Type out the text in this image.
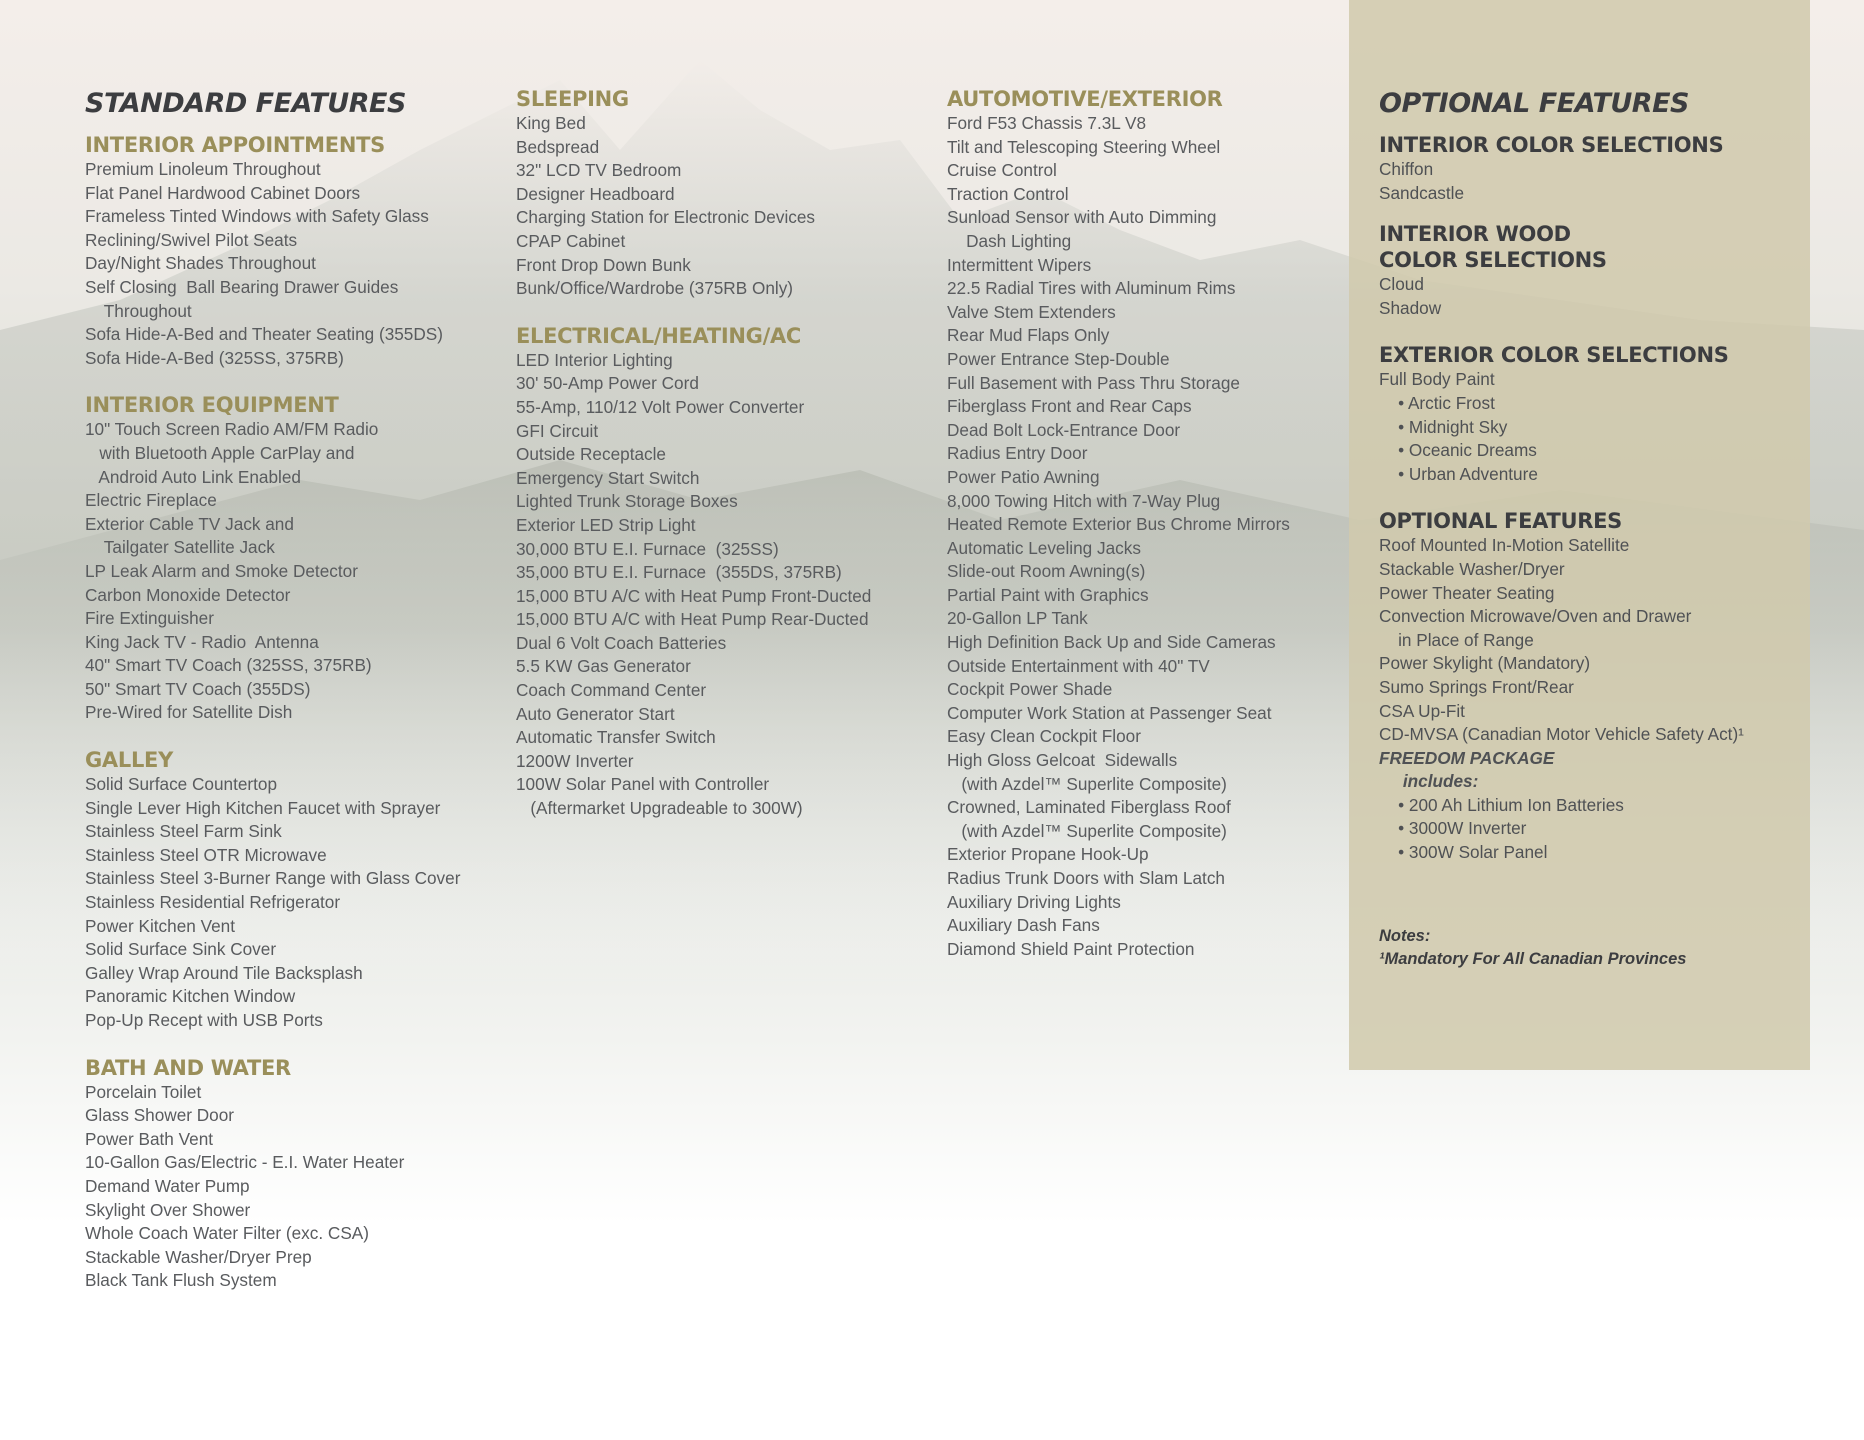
STANDARD FEATURES
INTERIOR APPOINTMENTS
Premium Linoleum Throughout
Flat Panel Hardwood Cabinet Doors
Frameless Tinted Windows with Safety Glass
Reclining/Swivel Pilot Seats
Day/Night Shades Throughout
Self Closing  Ball Bearing Drawer Guides
Throughout
Sofa Hide-A-Bed and Theater Seating (355DS)
Sofa Hide-A-Bed (325SS, 375RB)
INTERIOR EQUIPMENT
10" Touch Screen Radio AM/FM Radio
with Bluetooth Apple CarPlay and
Android Auto Link Enabled
Electric Fireplace
Exterior Cable TV Jack and
Tailgater Satellite Jack
LP Leak Alarm and Smoke Detector
Carbon Monoxide Detector
Fire Extinguisher
King Jack TV - Radio  Antenna
40" Smart TV Coach (325SS, 375RB)
50" Smart TV Coach (355DS)
Pre-Wired for Satellite Dish
GALLEY
Solid Surface Countertop
Single Lever High Kitchen Faucet with Sprayer
Stainless Steel Farm Sink
Stainless Steel OTR Microwave
Stainless Steel 3-Burner Range with Glass Cover
Stainless Residential Refrigerator
Power Kitchen Vent
Solid Surface Sink Cover
Galley Wrap Around Tile Backsplash
Panoramic Kitchen Window
Pop-Up Recept with USB Ports
BATH AND WATER
Porcelain Toilet
Glass Shower Door
Power Bath Vent
10-Gallon Gas/Electric - E.I. Water Heater
Demand Water Pump
Skylight Over Shower
Whole Coach Water Filter (exc. CSA)
Stackable Washer/Dryer Prep
Black Tank Flush System
SLEEPING
King Bed
Bedspread
32" LCD TV Bedroom
Designer Headboard
Charging Station for Electronic Devices
CPAP Cabinet
Front Drop Down Bunk
Bunk/Office/Wardrobe (375RB Only)
ELECTRICAL/HEATING/AC
LED Interior Lighting
30' 50-Amp Power Cord
55-Amp, 110/12 Volt Power Converter
GFI Circuit
Outside Receptacle
Emergency Start Switch
Lighted Trunk Storage Boxes
Exterior LED Strip Light
30,000 BTU E.I. Furnace  (325SS)
35,000 BTU E.I. Furnace  (355DS, 375RB)
15,000 BTU A/C with Heat Pump Front-Ducted
15,000 BTU A/C with Heat Pump Rear-Ducted
Dual 6 Volt Coach Batteries
5.5 KW Gas Generator
Coach Command Center
Auto Generator Start
Automatic Transfer Switch
1200W Inverter
100W Solar Panel with Controller
(Aftermarket Upgradeable to 300W)
AUTOMOTIVE/EXTERIOR
Ford F53 Chassis 7.3L V8
Tilt and Telescoping Steering Wheel
Cruise Control
Traction Control
Sunload Sensor with Auto Dimming
Dash Lighting
Intermittent Wipers
22.5 Radial Tires with Aluminum Rims
Valve Stem Extenders
Rear Mud Flaps Only
Power Entrance Step-Double
Full Basement with Pass Thru Storage
Fiberglass Front and Rear Caps
Dead Bolt Lock-Entrance Door
Radius Entry Door
Power Patio Awning
8,000 Towing Hitch with 7-Way Plug
Heated Remote Exterior Bus Chrome Mirrors
Automatic Leveling Jacks
Slide-out Room Awning(s)
Partial Paint with Graphics
20-Gallon LP Tank
High Definition Back Up and Side Cameras
Outside Entertainment with 40" TV
Cockpit Power Shade
Computer Work Station at Passenger Seat
Easy Clean Cockpit Floor
High Gloss Gelcoat  Sidewalls
(with Azdel™ Superlite Composite)
Crowned, Laminated Fiberglass Roof
(with Azdel™ Superlite Composite)
Exterior Propane Hook-Up
Radius Trunk Doors with Slam Latch
Auxiliary Driving Lights
Auxiliary Dash Fans
Diamond Shield Paint Protection
OPTIONAL FEATURES
INTERIOR COLOR SELECTIONS
Chiffon
Sandcastle
INTERIOR WOOD
COLOR SELECTIONS
Cloud
Shadow
EXTERIOR COLOR SELECTIONS
Full Body Paint
• Arctic Frost
• Midnight Sky
• Oceanic Dreams
• Urban Adventure
OPTIONAL FEATURES
Roof Mounted In-Motion Satellite
Stackable Washer/Dryer
Power Theater Seating
Convection Microwave/Oven and Drawer
in Place of Range
Power Skylight (Mandatory)
Sumo Springs Front/Rear
CSA Up-Fit
CD-MVSA (Canadian Motor Vehicle Safety Act)¹
FREEDOM PACKAGE
includes:
• 200 Ah Lithium Ion Batteries
• 3000W Inverter
• 300W Solar Panel
Notes:
¹Mandatory For All Canadian Provinces
